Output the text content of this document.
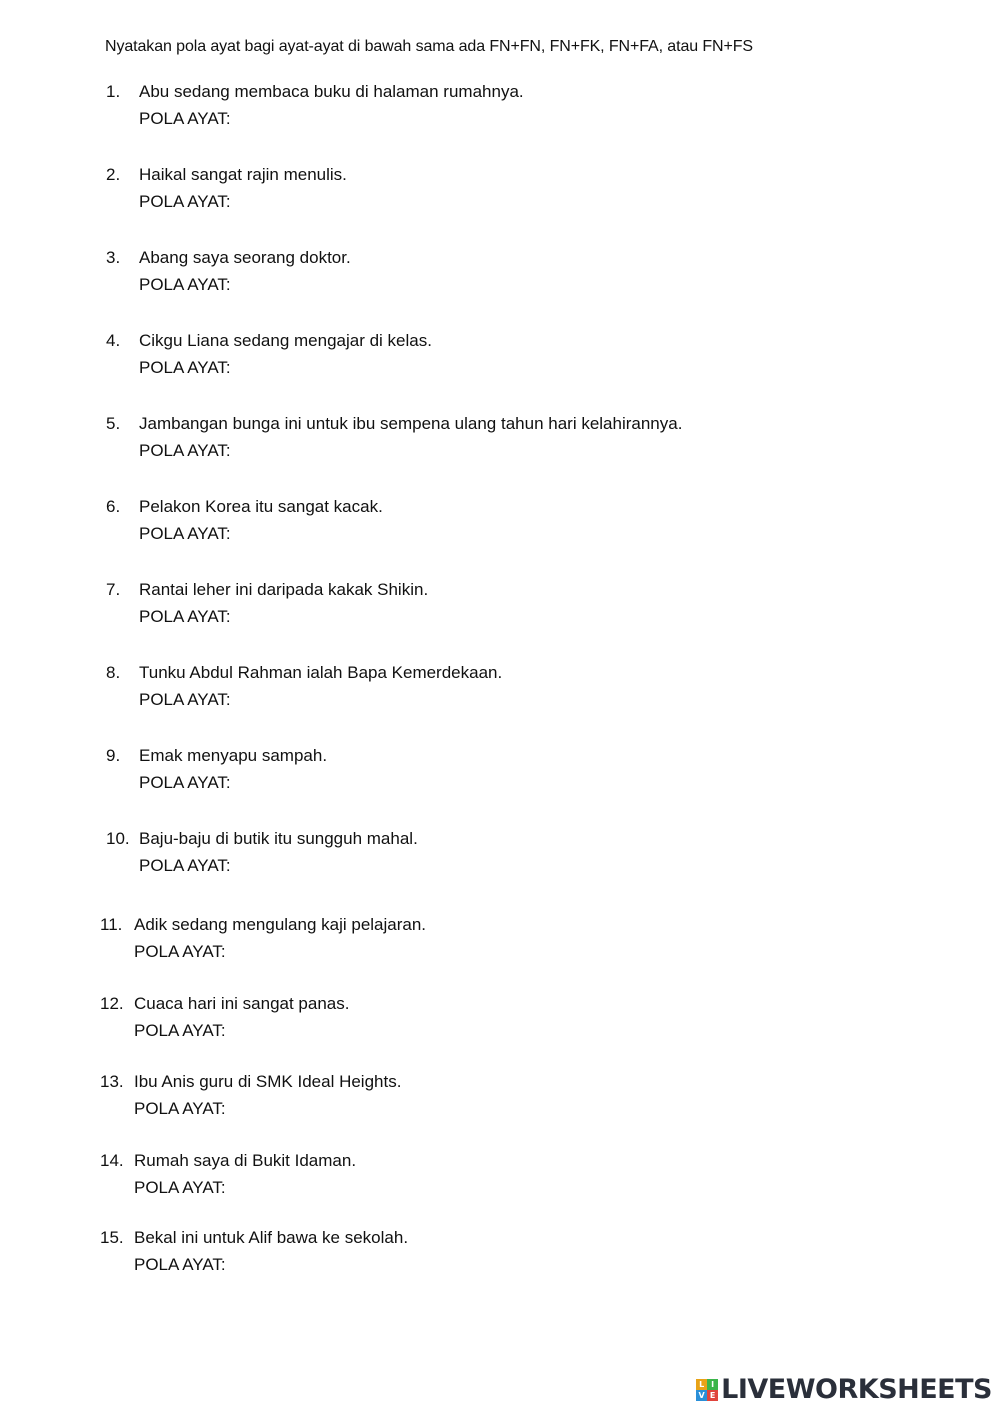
Nyatakan pola ayat bagi ayat-ayat di bawah sama ada FN+FN, FN+FK, FN+FA, atau FN+FS
1. Abu sedang membaca buku di halaman rumahnya.
POLA AYAT:
2. Haikal sangat rajin menulis.
POLA AYAT:
3. Abang saya seorang doktor.
POLA AYAT:
4. Cikgu Liana sedang mengajar di kelas.
POLA AYAT:
5. Jambangan bunga ini untuk ibu sempena ulang tahun hari kelahirannya.
POLA AYAT:
6. Pelakon Korea itu sangat kacak.
POLA AYAT:
7. Rantai leher ini daripada kakak Shikin.
POLA AYAT:
8. Tunku Abdul Rahman ialah Bapa Kemerdekaan.
POLA AYAT:
9. Emak menyapu sampah.
POLA AYAT:
10. Baju-baju di butik itu sungguh mahal.
POLA AYAT:
11. Adik sedang mengulang kaji pelajaran.
POLA AYAT:
12. Cuaca hari ini sangat panas.
POLA AYAT:
13. Ibu Anis guru di SMK Ideal Heights.
POLA AYAT:
14. Rumah saya di Bukit Idaman.
POLA AYAT:
15. Bekal ini untuk Alif bawa ke sekolah.
POLA AYAT:
L I
V E LIVEWORKSHEETS
